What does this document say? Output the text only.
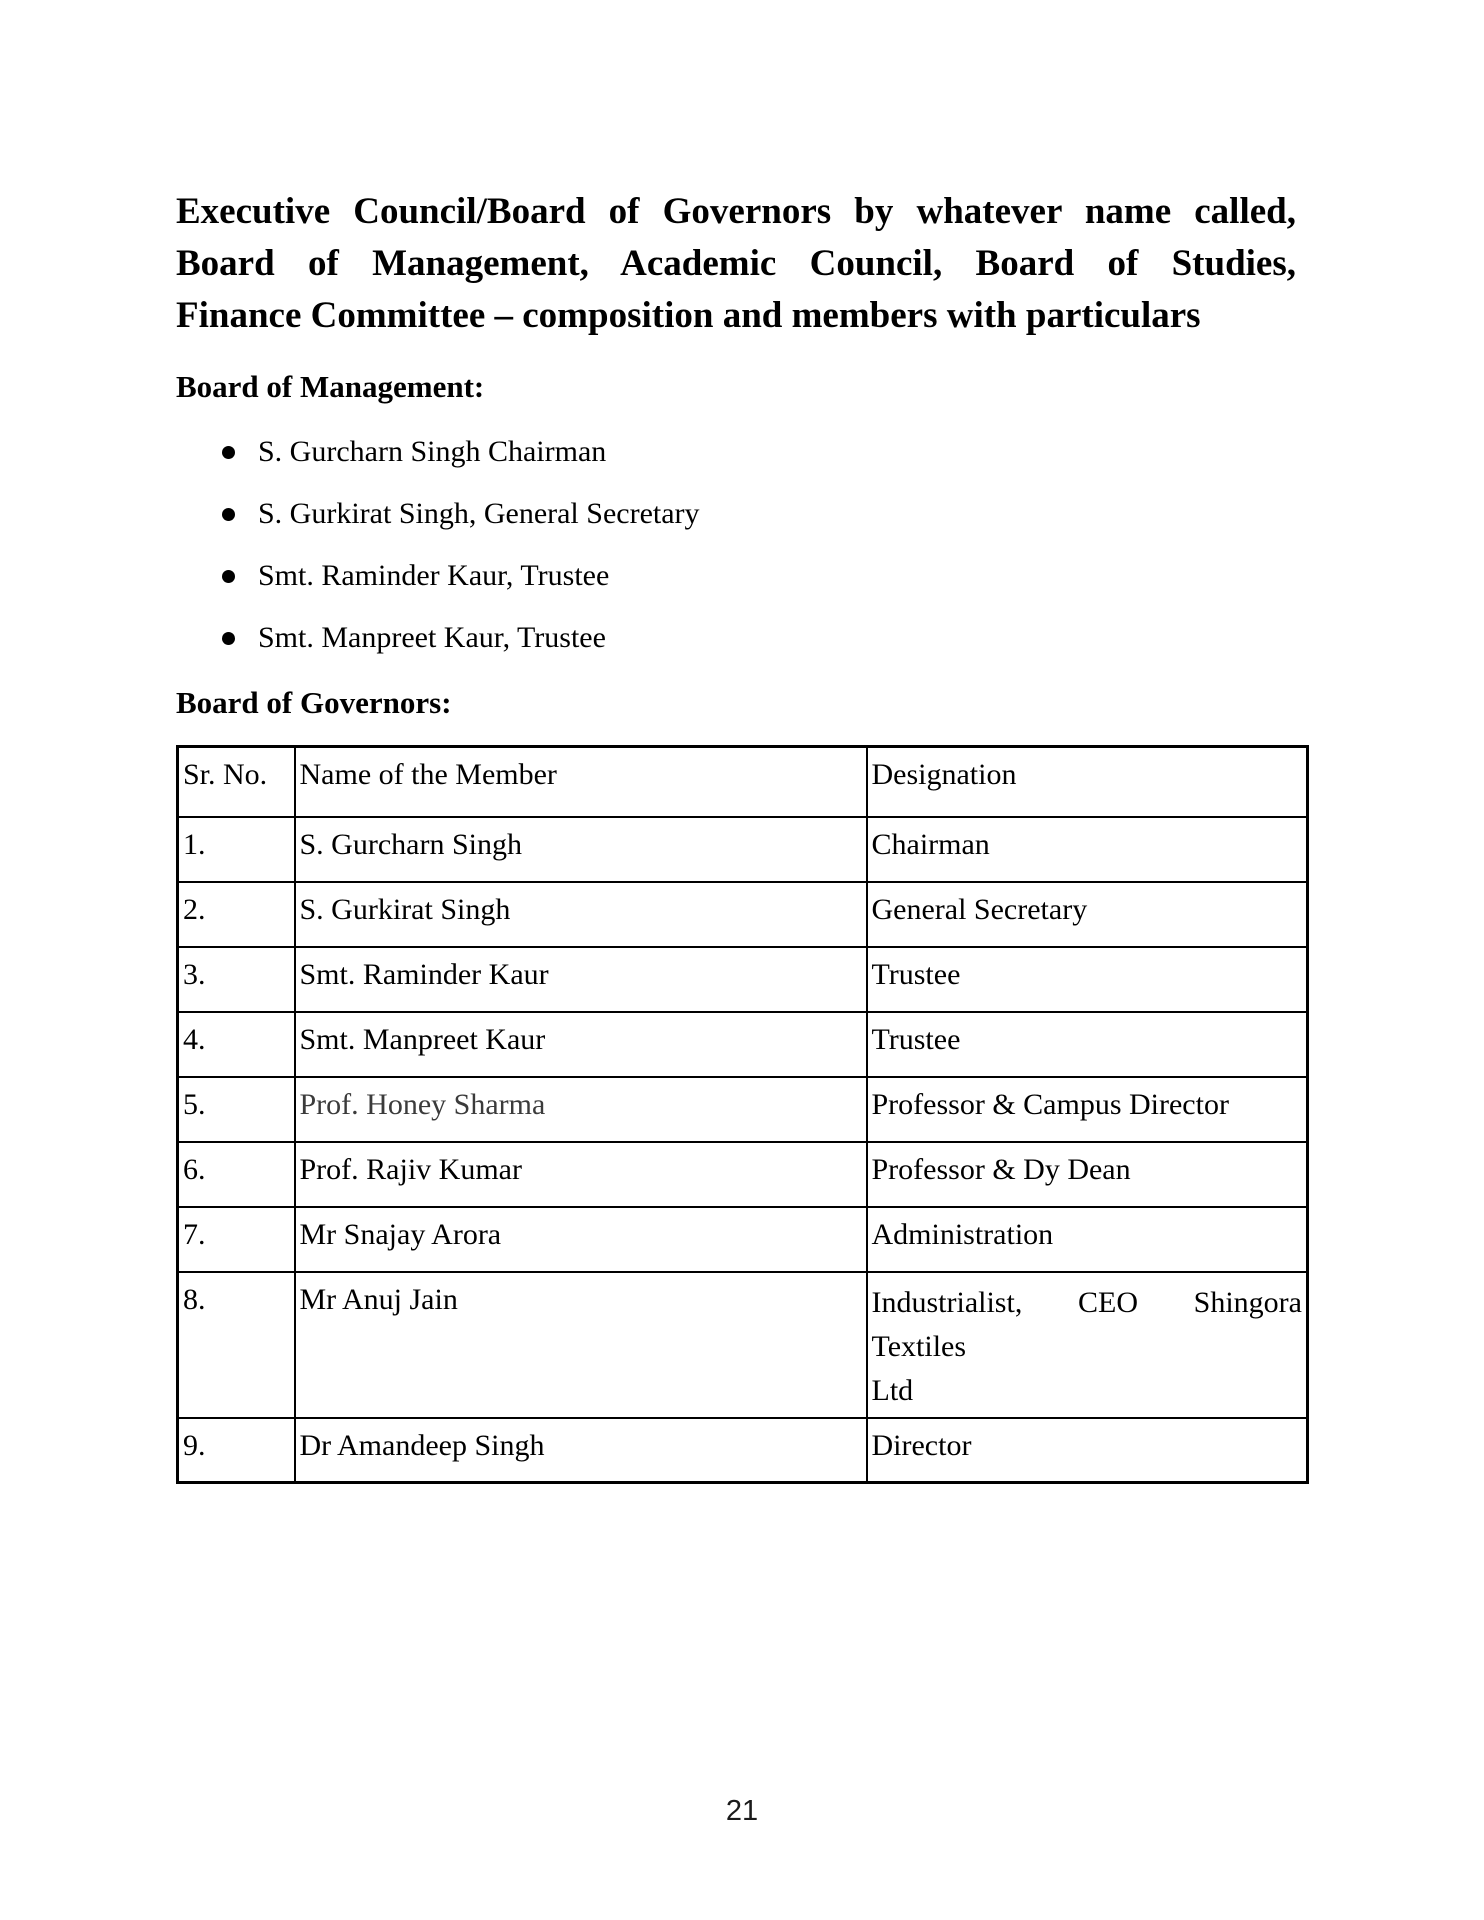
Executive Council/Board of Governors by whatever name called,
Board of Management, Academic Council, Board of Studies,
Finance Committee – composition and members with particulars
Board of Management:
S. Gurcharn Singh Chairman
S. Gurkirat Singh, General Secretary
Smt. Raminder Kaur, Trustee
Smt. Manpreet Kaur, Trustee
Board of Governors:
Sr. No.	Name of the Member	Designation
1.	S. Gurcharn Singh	Chairman
2.	S. Gurkirat Singh	General Secretary
3.	Smt. Raminder Kaur	Trustee
4.	Smt. Manpreet Kaur	Trustee
5.	Prof. Honey Sharma	Professor & Campus Director
6.	Prof. Rajiv Kumar	Professor & Dy Dean
7.	Mr Snajay Arora	Administration
8.	Mr Anuj Jain	Industrialist, CEO Shingora Textiles
Ltd

9.	Dr Amandeep Singh	Director
21
